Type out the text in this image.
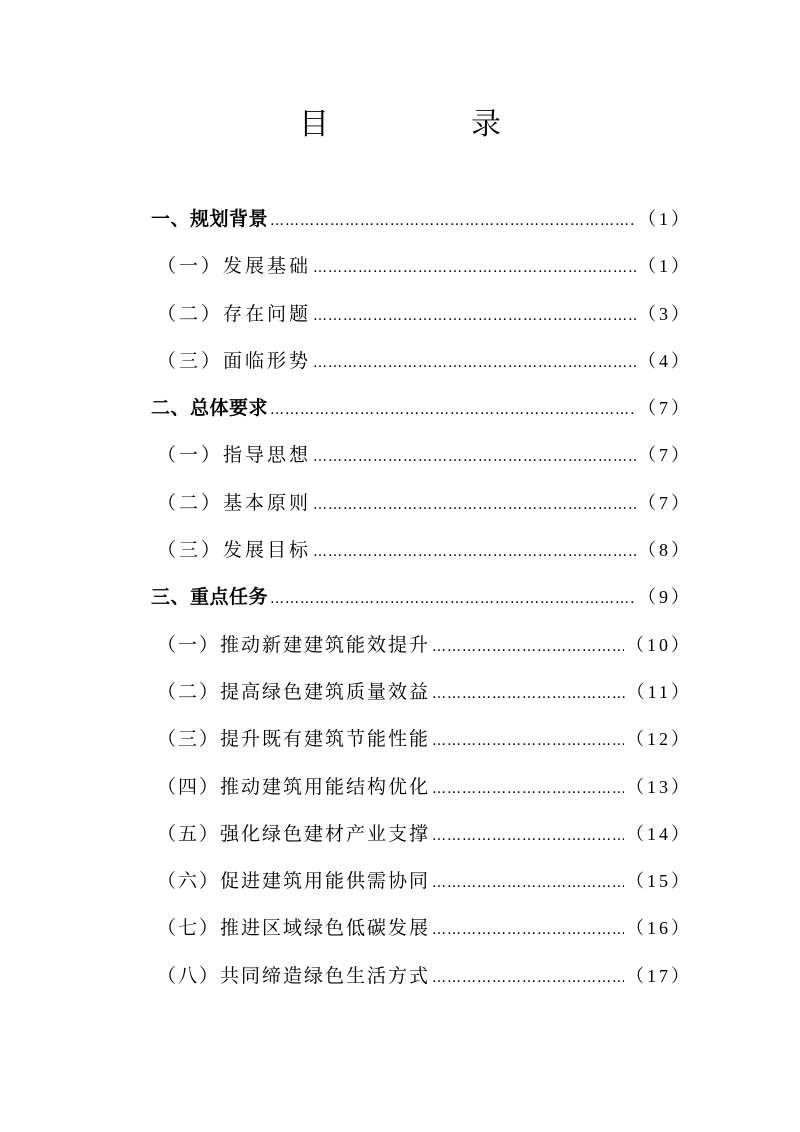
目　录
一、规划背景 …………………………………………………………………………………………………………………………………………	（1）
（一）发展基础 …………………………………………………………………………………………………………………………………………	（1）
（二）存在问题 …………………………………………………………………………………………………………………………………………	（3）
（三）面临形势 …………………………………………………………………………………………………………………………………………	（4）
二、总体要求 …………………………………………………………………………………………………………………………………………	（7）
（一）指导思想 …………………………………………………………………………………………………………………………………………	（7）
（二）基本原则 …………………………………………………………………………………………………………………………………………	（7）
（三）发展目标 …………………………………………………………………………………………………………………………………………	（8）
三、重点任务 …………………………………………………………………………………………………………………………………………	（9）
（一）推动新建建筑能效提升 …………………………………………………………………………………………………………………………………………	（10）
（二）提高绿色建筑质量效益 …………………………………………………………………………………………………………………………………………	（11）
（三）提升既有建筑节能性能 …………………………………………………………………………………………………………………………………………	（12）
（四）推动建筑用能结构优化 …………………………………………………………………………………………………………………………………………	（13）
（五）强化绿色建材产业支撑 …………………………………………………………………………………………………………………………………………	（14）
（六）促进建筑用能供需协同 …………………………………………………………………………………………………………………………………………	（15）
（七）推进区域绿色低碳发展 …………………………………………………………………………………………………………………………………………	（16）
（八）共同缔造绿色生活方式 …………………………………………………………………………………………………………………………………………	（17）
